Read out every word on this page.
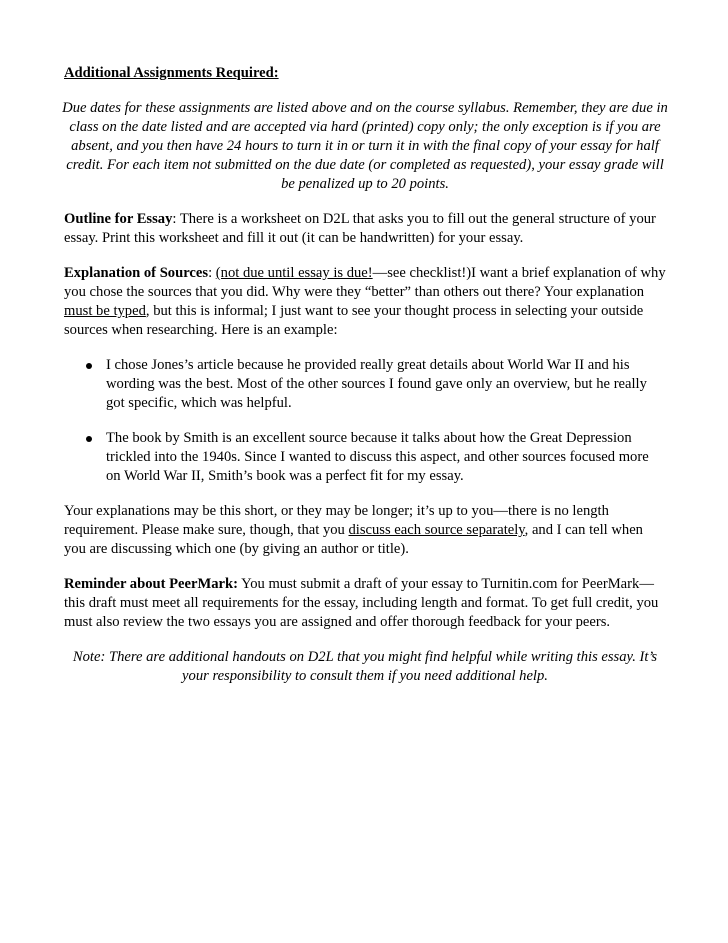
Additional Assignments Required:
Due dates for these assignments are listed above and on the course syllabus. Remember, they are due in class on the date listed and are accepted via hard (printed) copy only; the only exception is if you are absent, and you then have 24 hours to turn it in or turn it in with the final copy of your essay for half credit. For each item not submitted on the due date (or completed as requested), your essay grade will be penalized up to 20 points.

Outline for Essay: There is a worksheet on D2L that asks you to fill out the general structure of your essay. Print this worksheet and fill it out (it can be handwritten) for your essay.

Explanation of Sources: (not due until essay is due!—see checklist!)I want a brief explanation of why you chose the sources that you did. Why were they “better” than others out there? Your explanation must be typed, but this is informal; I just want to see your thought process in selecting your outside sources when researching. Here is an example:

I chose Jones’s article because he provided really great details about World War II and his wording was the best. Most of the other sources I found gave only an overview, but he really got specific, which was helpful.
The book by Smith is an excellent source because it talks about how the Great Depression trickled into the 1940s. Since I wanted to discuss this aspect, and other sources focused more on World War II, Smith’s book was a perfect fit for my essay.

Your explanations may be this short, or they may be longer; it’s up to you—there is no length requirement. Please make sure, though, that you discuss each source separately, and I can tell when you are discussing which one (by giving an author or title).

Reminder about PeerMark: You must submit a draft of your essay to Turnitin.com for PeerMark—this draft must meet all requirements for the essay, including length and format. To get full credit, you must also review the two essays you are assigned and offer thorough feedback for your peers.

Note: There are additional handouts on D2L that you might find helpful while writing this essay. It’s your responsibility to consult them if you need additional help.
